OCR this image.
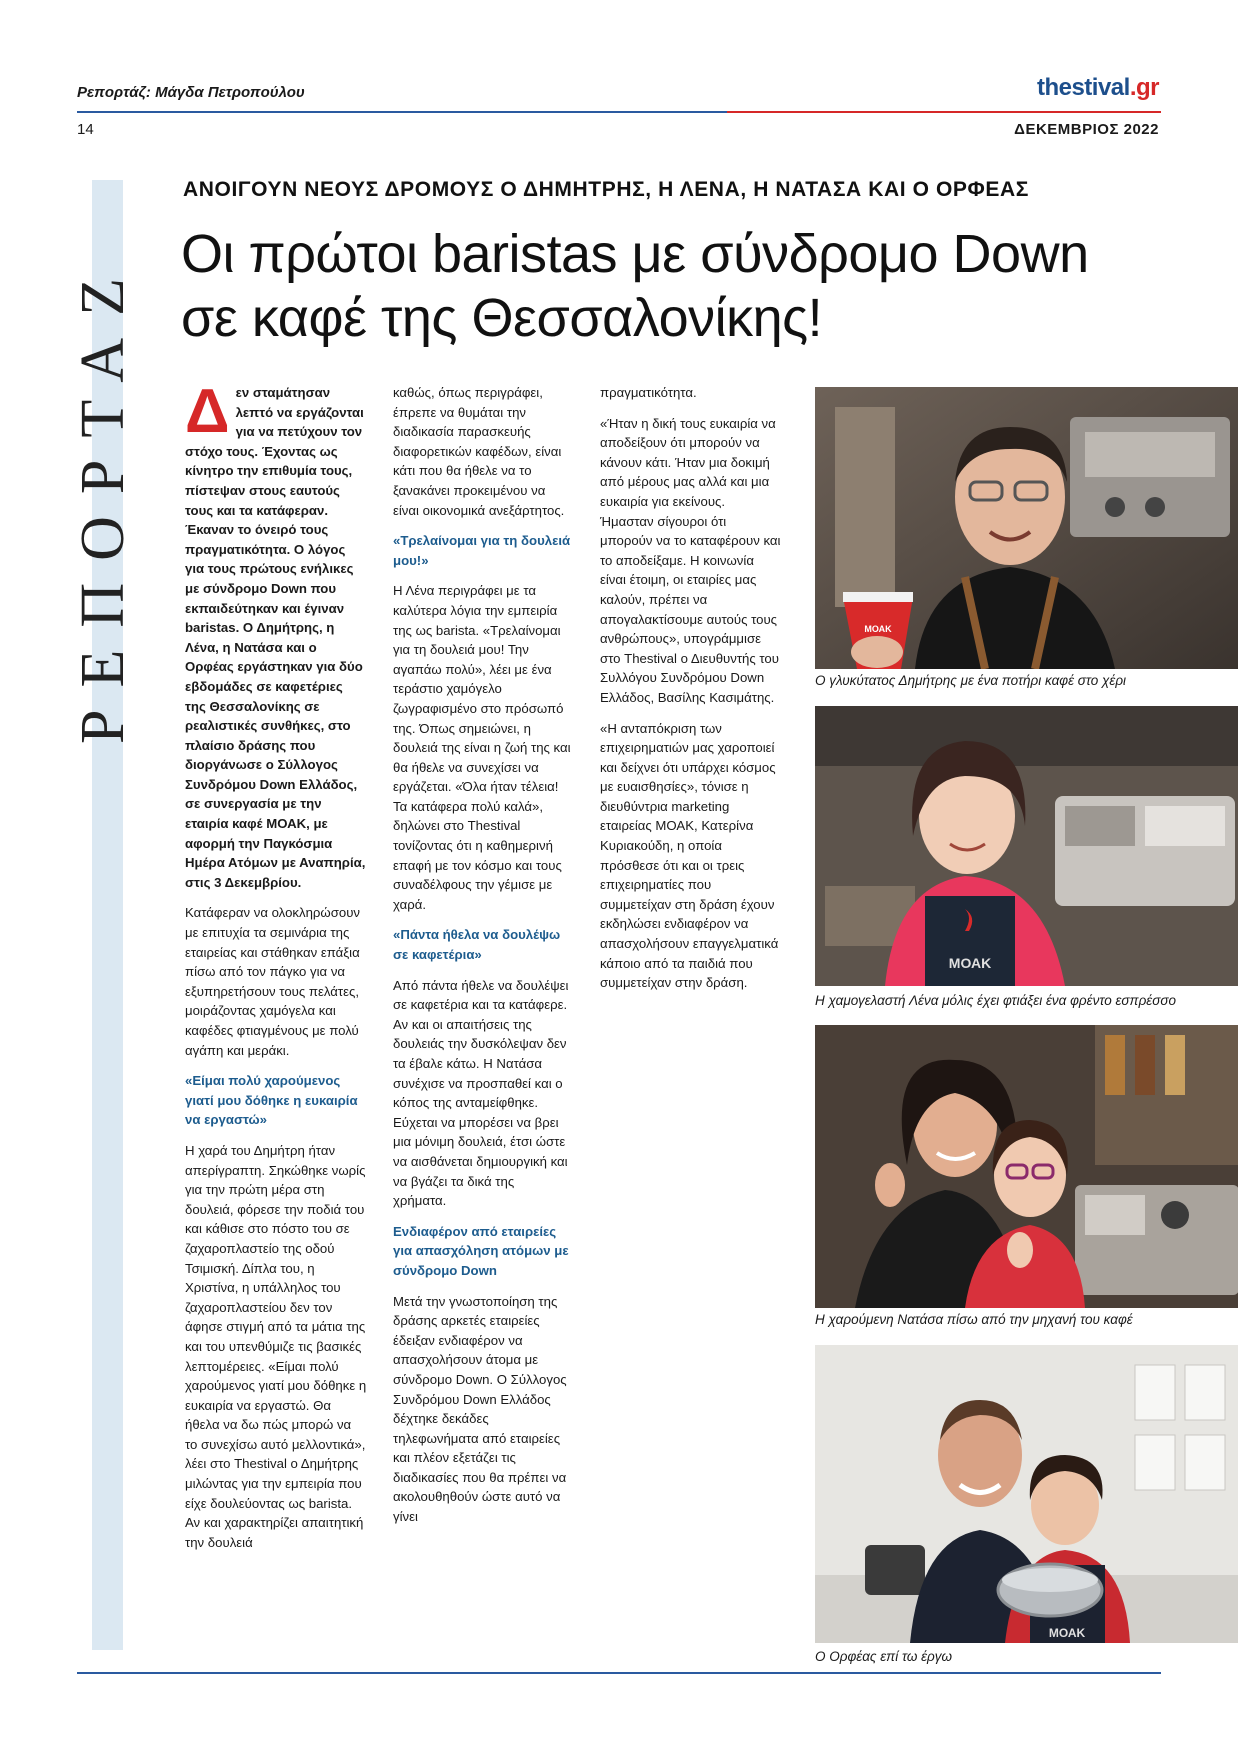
Ρεπορτάζ: Μάγδα Πετροπούλου	thestival.gr
14	ΔΕΚΕΜΒΡΙΟΣ 2022
ΡΕΠΟΡΤΑΖ
ΑΝΟΙΓΟΥΝ ΝΕΟΥΣ ΔΡΟΜΟΥΣ Ο ΔΗΜΗΤΡΗΣ, Η ΛΕΝΑ, Η ΝΑΤΑΣΑ ΚΑΙ Ο ΟΡΦΕΑΣ
Οι πρώτοι baristas με σύνδρομο Down
σε καφέ της Θεσσαλονίκης!

Δεν σταμάτησαν λεπτό να εργάζονται για να πετύχουν τον στόχο τους. Έχοντας ως κίνητρο την επιθυμία τους, πίστεψαν στους εαυτούς τους και τα κατάφεραν. Έκαναν το όνειρό τους πραγματικότητα. Ο λόγος για τους πρώτους ενήλικες με σύνδρομο Down που εκπαιδεύτηκαν και έγιναν baristas. Ο Δημήτρης, η Λένα, η Νατάσα και ο Ορφέας εργάστηκαν για δύο εβδομάδες σε καφετέριες της Θεσσαλονίκης σε ρεαλιστικές συνθήκες, στο πλαίσιο δράσης που διοργάνωσε ο Σύλλογος Συνδρόμου Down Ελλάδος, σε συνεργασία με την εταιρία καφέ ΜΟΑΚ, με αφορμή την Παγκόσμια Ημέρα Ατόμων με Αναπηρία, στις 3 Δεκεμβρίου.

Κατάφεραν να ολοκληρώσουν με επιτυχία τα σεμινάρια της εταιρείας και στάθηκαν επάξια πίσω από τον πάγκο για να εξυπηρετήσουν τους πελάτες, μοιράζοντας χαμόγελα και καφέδες φτιαγμένους με πολύ αγάπη και μεράκι.

«Είμαι πολύ χαρούμενος γιατί μου δόθηκε η ευκαιρία να εργαστώ»

Η χαρά του Δημήτρη ήταν απερίγραπτη. Σηκώθηκε νωρίς για την πρώτη μέρα στη δουλειά, φόρεσε την ποδιά του και κάθισε στο πόστο του σε ζαχαροπλαστείο της οδού Τσιμισκή. Δίπλα του, η Χριστίνα, η υπάλληλος του ζαχαροπλαστείου δεν τον άφησε στιγμή από τα μάτια της και του υπενθύμιζε τις βασικές λεπτομέρειες. «Είμαι πολύ χαρούμενος γιατί μου δόθηκε η ευκαιρία να εργαστώ. Θα ήθελα να δω πώς μπορώ να το συνεχίσω αυτό μελλοντικά», λέει στο Thestival ο Δημήτρης μιλώντας για την εμπειρία που είχε δουλεύοντας ως barista. Αν και χαρακτηρίζει απαιτητική την δουλειά

καθώς, όπως περιγράφει, έπρεπε να θυμάται την διαδικασία παρασκευής διαφορετικών καφέδων, είναι κάτι που θα ήθελε να το ξανακάνει προκειμένου να είναι οικονομικά ανεξάρτητος.

«Τρελαίνομαι για τη δουλειά μου!»

Η Λένα περιγράφει με τα καλύτερα λόγια την εμπειρία της ως barista. «Τρελαίνομαι για τη δουλειά μου! Την αγαπάω πολύ», λέει με ένα τεράστιο χαμόγελο ζωγραφισμένο στο πρόσωπό της. Όπως σημειώνει, η δουλειά της είναι η ζωή της και θα ήθελε να συνεχίσει να εργάζεται. «Όλα ήταν τέλεια! Τα κατάφερα πολύ καλά», δηλώνει στο Thestival τονίζοντας ότι η καθημερινή επαφή με τον κόσμο και τους συναδέλφους την γέμισε με χαρά.

«Πάντα ήθελα να δουλέψω σε καφετέρια»

Από πάντα ήθελε να δουλέψει σε καφετέρια και τα κατάφερε. Αν και οι απαιτήσεις της δουλειάς την δυσκόλεψαν δεν τα έβαλε κάτω. Η Νατάσα συνέχισε να προσπαθεί και ο κόπος της ανταμείφθηκε. Εύχεται να μπορέσει να βρει μια μόνιμη δουλειά, έτσι ώστε να αισθάνεται δημιουργική και να βγάζει τα δικά της χρήματα.

Ενδιαφέρον από εταιρείες για απασχόληση ατόμων με σύνδρομο Down

Μετά την γνωστοποίηση της δράσης αρκετές εταιρείες έδειξαν ενδιαφέρον να απασχολήσουν άτομα με σύνδρομο Down. Ο Σύλλογος Συνδρόμου Down Ελλάδος δέχτηκε δεκάδες τηλεφωνήματα από εταιρείες και πλέον εξετάζει τις διαδικασίες που θα πρέπει να ακολουθηθούν ώστε αυτό να γίνει

πραγματικότητα.

«Ήταν η δική τους ευκαιρία να αποδείξουν ότι μπορούν να κάνουν κάτι. Ήταν μια δοκιμή από μέρους μας αλλά και μια ευκαιρία για εκείνους. Ήμασταν σίγουροι ότι μπορούν να το καταφέρουν και το αποδείξαμε. Η κοινωνία είναι έτοιμη, οι εταιρίες μας καλούν, πρέπει να απογαλακτίσουμε αυτούς τους ανθρώπους», υπογράμμισε στο Thestival ο Διευθυντής του Συλλόγου Συνδρόμου Down Ελλάδος, Βασίλης Κασιμάτης.

«Η ανταπόκριση των επιχειρηματιών μας χαροποιεί και δείχνει ότι υπάρχει κόσμος με ευαισθησίες», τόνισε η διευθύντρια marketing εταιρείας ΜΟΑΚ, Κατερίνα Κυριακούδη, η οποία πρόσθεσε ότι και οι τρεις επιχειρηματίες που συμμετείχαν στη δράση έχουν εκδηλώσει ενδιαφέρον να απασχολήσουν επαγγελματικά κάποιο από τα παιδιά που συμμετείχαν στην δράση.

ΜΟΑΚ
Ο γλυκύτατος Δημήτρης με ένα ποτήρι καφέ στο χέρι
ΜΟΑΚ
Η χαμογελαστή Λένα μόλις έχει φτιάξει ένα φρέντο εσπρέσσο
Η χαρούμενη Νατάσα πίσω από την μηχανή του καφέ
ΜΟΑΚ
Ο Ορφέας επί τω έργω
